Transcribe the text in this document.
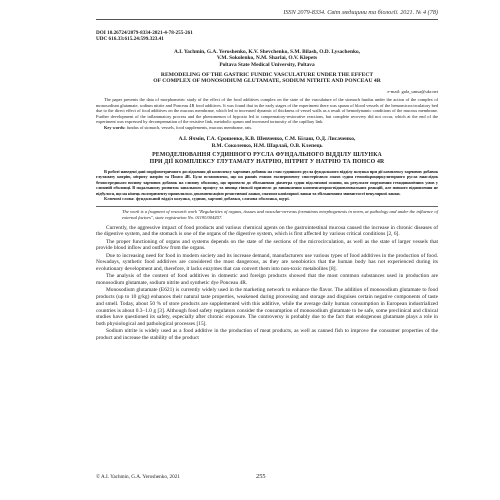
ISSN 2079-8334. Світ медицини та біології. 2021. № 4 (78)
DOI 10.26724/2079-8334-2021-4-78-255-261
UDC 616.33:615.24:599.323.41
A.I. Yachmin, G.A. Yeroshenko, K.V. Shevchenko, S.M. Bilash, O.D. Lysachenko,
V.M. Sokolenko, N.M. Sharlai, O.V. Klepets
Poltava State Medical University, Poltava
REMODELING OF THE GASTRIC FUNDIC VASCULATURE UNDER THE EFFECT
OF COMPLEX OF MONOSODIUM GLUTAMATE, SODIUM NITRITE AND PONCEAU 4R
e-mail: gala_umsa@ukr.net
The paper presents the data of morphometric study of the effect of the food additives complex on the state of the vasculature of the stomach fundus under the action of the complex of monosodium glutamate, sodium nitrite and Ponceau 4R food additives. It was found that in the early stages of the experiment there was spasm of blood vessels of the hemomicrocirculatory bed due to the direct effect of food additives on the mucous membrane, which led to increased dynamic of thickness of vessel walls as a result of hemodynamic conditions of the mucous membrane. Further development of the inflammatory process and the phenomenon of hypoxia led to compensatory-restorative reactions, but complete recovery did not occur, which at the end of the experiment was expressed by decompensation of the resistive link, metabolic spasm and increased tortuosity of the capillary link.
Key words: fundus of stomach, vessels, food supplements, mucous membrane, rats.
А.І. Ячмін, Г.А. Єрошенко, К.В. Шевченко, С.М. Білаш, О.Д. Лисаченко,
В.М. Соколенко, Н.М. Шарлай, О.В. Клепець
РЕМОДЕЛЮВАННЯ СУДИННОГО РУСЛА ФУНДАЛЬНОГО ВІДДІЛУ ШЛУНКА
ПРИ ДІЇ КОМПЛЕКСУ ГЛУТАМАТУ НАТРІЮ, НІТРИТ У НАТРІЮ ТА ПОНСО 4R
В роботі наведені дані морфометричного дослідження дії комплексу харчових добавок на стан судинного русла фундального відділу шлунка при дії комплексу харчових добавок глутамату натрію, нітриту натрію та Понсо 4R. Було встановлено, що на ранніх етапах експерименту спостерігався спазм судин гемомікроциркуляторного русла внаслідок безпосереднього впливу харчових добавок на слизову оболонку, що призвело до збільшення діаметра судин підслизової основи, як результат порушення гемодинамічних умов у слизовій оболонці. В подальшому розвиток запального процесу та явища гіпоксії призвело до виникнення компенсаторно-відновлювальних реакцій, але повного відновлення не відбулося, що на кінець експерименту проявлялось декомпенсацією резистивної ланки, спазмом капілярної ланки та збільшенням звивистості венулярної ланки.
Ключові слова: фундальний відділ шлунка, судини, харчові добавки, слизова оболонка, щурі.
The work is a fragment of research work "Regularities of organs, tissues and vascular-nervous formations morphogenesis in norm, at pathology and under the influence of external factors", state registration No. 0119U004457.

Currently, the aggressive impact of food products and various chemical agents on the gastrointestinal mucosa caused the increase in chronic diseases of the digestive system, and the stomach is one of the organs of the digestive system, which is first affected by various critical conditions [2, 6].

The proper functioning of organs and systems depends on the state of the sections of the microcirculation, as well as the state of larger vessels that provide blood inflow and outflow from the organs.

Due to increasing need for food in modern society and its increase demand, manufacturers use various types of food additives in the production of food. Nowadays, synthetic food additives are considered the most dangerous, as they are xenobiotics that the human body has not experienced during its evolutionary development and, therefore, it lacks enzymes that can convert them into non-toxic metabolites [8].

The analysis of the content of food additives in domestic and foreign products showed that the most common substances used in production are monosodium glutamate, sodium nitrite and synthetic dye Ponceau 4R.

Monosodium glutamate (E621) is currently widely used in the marketing network to enhance the flavor. The addition of monosodium glutamate to food products (up to 10 g/kg) enhances their natural taste properties, weakened during processing and storage and disguises certain negative components of taste and smell. Today, about 50 % of store products are supplemented with this additive, while the average daily human consumption in European industrialized countries is about 0.3–1.0 g [3]. Although food safety regulators consider the consumption of monosodium glutamate to be safe, some preclinical and clinical studies have questioned its safety, especially after chronic exposure. The controversy is probably due to the fact that endogenous glutamate plays a role in both physiological and pathological processes [15].

Sodium nitrite is widely used as a food additive in the production of meat products, as well as canned fish to improve the consumer properties of the product and increase the stability of the product

© A.I. Yachmin, G.A. Yeroshenko, 2021	255
